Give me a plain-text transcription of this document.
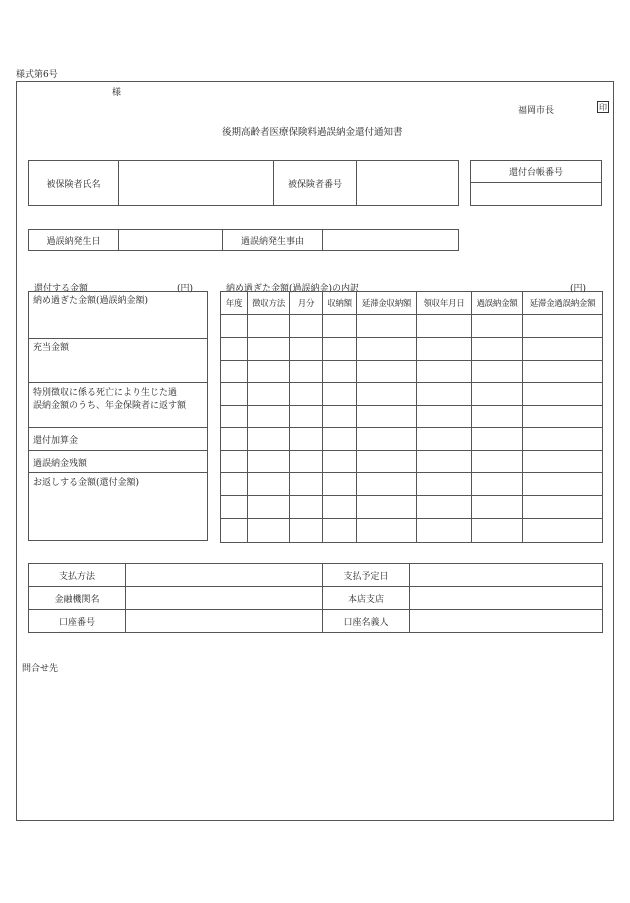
様式第6号
様
福岡市長	印
後期高齢者医療保険料過誤納金還付通知書
被保険者氏名		被保険者番号	
還付台帳番号

過誤納発生日		過誤納発生事由	
還付する金額	(円)
納め過ぎた金額(過誤納金額)
充当金額
特別徴収に係る死亡により生じた過
誤納金額のうち、年金保険者に返す額
還付加算金
過誤納金残額
お返しする金額(還付金額)
納め過ぎた金額(過誤納金)の内訳	(円)
年度	徴収方法	月分	収納額	延滞金収納額	領収年月日	過誤納金額	延滞金過誤納金額

支払方法		支払予定日	
金融機関名		本店支店	
口座番号		口座名義人	
問合せ先
